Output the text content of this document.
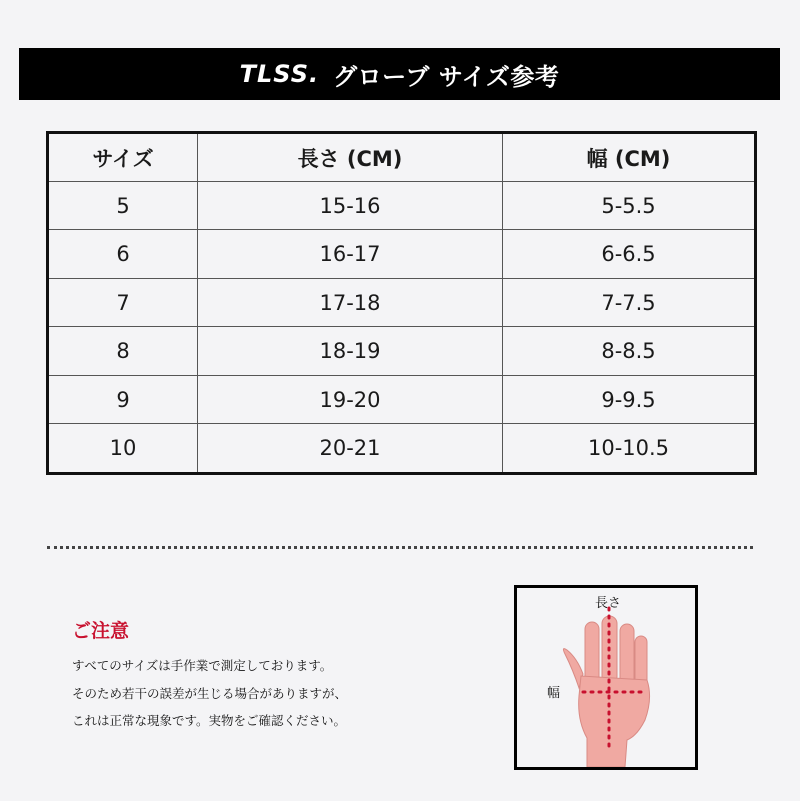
TLSS. グローブ サイズ参考
サイズ	長さ (CM)	幅 (CM)
5	15-16	5-5.5
6	16-17	6-6.5
7	17-18	7-7.5
8	18-19	8-8.5
9	19-20	9-9.5
10	20-21	10-10.5
ご注意
すべてのサイズは手作業で測定しております。
そのため若干の誤差が生じる場合がありますが、
これは正常な現象です。実物をご確認ください。
長さ
幅
